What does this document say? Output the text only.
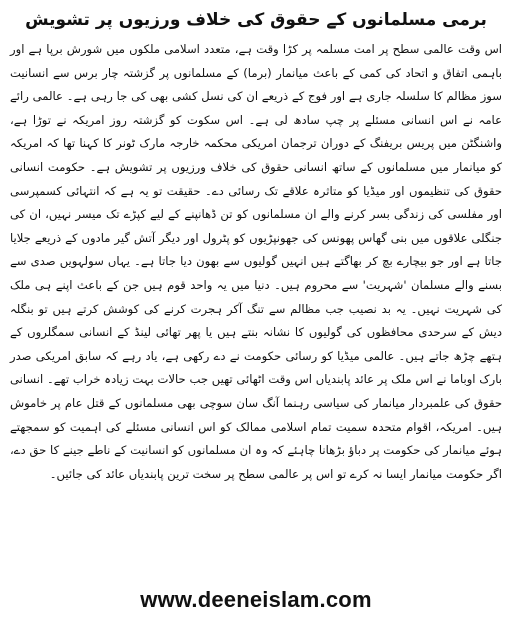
برمی مسلمانوں کے حقوق کی خلاف ورزیوں پر تشویش

اس وقت عالمی سطح پر امت مسلمہ پر کڑا وقت ہے، متعدد اسلامی ملکوں میں شورش برپا ہے اور باہمی اتفاق و اتحاد کی کمی کے باعث میانمار (برما) کے مسلمانوں پر گزشتہ چار برس سے انسانیت سوز مظالم کا سلسلہ جاری ہے اور فوج کے ذریعے ان کی نسل کشی بھی کی جا رہی ہے۔ عالمی رائے عامہ نے اس انسانی مسئلے پر چپ سادھ لی ہے۔ اس سکوت کو گزشتہ روز امریکہ نے توڑا ہے، واشنگٹن میں پریس بریفنگ کے دوران ترجمان امریکی محکمہ خارجہ مارک ٹونر کا کہنا تھا کہ امریکہ کو میانمار میں مسلمانوں کے ساتھ انسانی حقوق کی خلاف ورزیوں پر تشویش ہے۔ حکومت انسانی حقوق کی تنظیموں اور میڈیا کو متاثرہ علاقے تک رسائی دے۔ حقیقت تو یہ ہے کہ انتہائی کسمپرسی اور مفلسی کی زندگی بسر کرنے والے ان مسلمانوں کو تن ڈھانپنے کے لیے کپڑے تک میسر نہیں، ان کی جنگلی علاقوں میں بنی گھاس پھونس کی جھونپڑیوں کو پٹرول اور دیگر آتش گیر مادوں کے ذریعے جلایا جاتا ہے اور جو بیچارے بچ کر بھاگتے ہیں انہیں گولیوں سے بھون دیا جاتا ہے۔ یہاں سولہویں صدی سے بسنے والے مسلمان 'شہریت' سے محروم ہیں۔ دنیا میں یہ واحد قوم ہیں جن کے باعث اپنے ہی ملک کی شہریت نہیں۔ یہ بد نصیب جب مظالم سے تنگ آکر ہجرت کرنے کی کوشش کرتے ہیں تو بنگلہ دیش کے سرحدی محافظوں کی گولیوں کا نشانہ بنتے ہیں یا پھر تھائی لینڈ کے انسانی سمگلروں کے ہتھے چڑھ جاتے ہیں۔ عالمی میڈیا کو رسائی حکومت نے دے رکھی ہے، یاد رہے کہ سابق امریکی صدر بارک اوباما نے اس ملک پر عائد پابندیاں اس وقت اٹھائی تھیں جب حالات بہت زیادہ خراب تھے۔ انسانی حقوق کی علمبردار میانمار کی سیاسی رہنما آنگ سان سوچی بھی مسلمانوں کے قتل عام پر خاموش ہیں۔ امریکہ، اقوام متحدہ سمیت تمام اسلامی ممالک کو اس انسانی مسئلے کی اہمیت کو سمجھتے ہوئے میانمار کی حکومت پر دباؤ بڑھانا چاہئے کہ وہ ان مسلمانوں کو انسانیت کے ناطے جینے کا حق دے، اگر حکومت میانمار ایسا نہ کرے تو اس پر عالمی سطح پر سخت ترین پابندیاں عائد کی جائیں۔

www.deeneislam.com
